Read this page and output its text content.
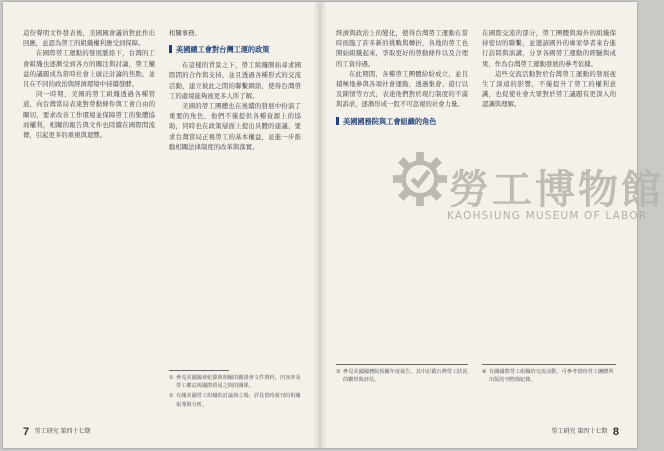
這份聲明文件發表後，美國國會議員對此作出回應，並認為勞工的組織權利應受到保障。

在國際勞工運動的發展脈絡下，台灣的工會組織也逐漸受到各方的關注與討論，勞工權益的議題成為當時社會上廣泛討論的焦點，並且在不同的政治與經濟環境中持續發酵。

同一時期，美國的勞工組織透過各種管道，向台灣當局表達對勞動條件與工會自由的關切，要求改善工作環境並保障勞工的集體協商權利，相關的報告與文件也陸續在國際間流傳，引起更多的重視與迴響。

相關事務。

美國總工會對台灣工運的政策

在這樣的背景之下，勞工組織開始尋求國際間的合作與支持，並且透過各種形式的交流活動，建立彼此之間的聯繫網絡，使得台灣勞工的處境能夠被更多人所了解。

美國的勞工團體也在後續的發展中扮演了重要的角色，他們不僅提供各種資源上的協助，同時也在政策層面上提出具體的建議，要求台灣當局正視勞工的基本權益，並進一步推動相關法律制度的改革與落實。

① 參見美國國會紀錄與相關的聽證會文件資料，內容涉及勞工權益與國際貿易之間的關係。
② 有關美國勞工組織的討論與立場，詳見當時報刊的相關報導與分析。
7 勞工研究 第四十七期

經濟與政治上的變化，使得台灣勞工運動在當時面臨了許多新的挑戰與轉折，各地的勞工也開始組織起來，爭取更好的勞動條件以及合理的工資待遇。

在此期間，各種勞工團體紛紛成立，並且積極地參與各項社會運動，透過集會、遊行以及陳情等方式，表達他們對於現行制度的不滿與訴求，逐漸形成一股不可忽視的社會力量。

美國國務院與工會組織的角色

在國際交流的部分，勞工團體與海外的組織保持密切的聯繫，並邀請國外的專家學者來台進行訪問與演講，分享各國勞工運動的經驗與成果，作為台灣勞工運動發展的參考依據。

這些交流活動對於台灣勞工運動的發展產生了深遠的影響，不僅提升了勞工的權利意識，也促使社會大眾對於勞工議題有更深入的認識與理解。

③ 參見美國國務院相關年度報告，其中記載台灣勞工狀況的觀察與評估。
④ 有關國際勞工組織的交流活動，可參考當時勞工團體所出版的刊物與紀錄。
勞工研究 第四十七期 8
勞工博物館
KAOHSIUNG MUSEUM OF LABOR
